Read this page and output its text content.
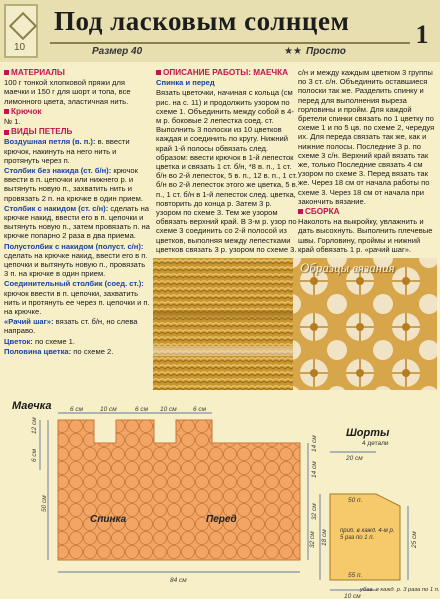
10
Под ласковым солнцем
Размер 40	★★ Просто
1

МАТЕРИАЛЫ

100 г тонкой хлопковой пряжи для маечки и 150 г для шорт и топа, все лимонного цвета, эластичная нить.

Крючок

№ 1.

ВИДЫ ПЕТЕЛЬ

Воздушная петля (в. п.): в. ввести крючок, накинуть на него нить и протянуть через п.

Столбик без накида (ст. б/н): крючок ввести в п. цепочки или нижнего р. и вытянуть новую п., захватить нить и провязать 2 п. на крючке в один прием.

Столбик с накидом (ст. с/н): сделать на крючке накид, ввести его в п. цепочки и вытянуть новую п., затем провязать п. на крючке попарно 2 раза в два приема.

Полустолбик с накидом (полуст. с/н): сделать на крючке накид, ввести его в п. цепочки и вытянуть новую п., провязать 3 п. на крючке в один прием.

Соединительный столбик (соед. ст.): крючок ввести в п. цепочки, захватить нить и протянуть ее через п. цепочки и п. на крючке.

«Рачий шаг»: вязать ст. б/н, но слева направо.

Цветок: по схеме 1.

Половина цветка: по схеме 2.

ОПИСАНИЕ РАБОТЫ: МАЕЧКА

Спинка и перед

Вязать цветочки, начиная с кольца (см рис. на с. 11) и продолжить узором по схеме 1. Объединить между собой в 4-м р. боковые 2 лепестка соед. ст. Выполнить 3 полоски из 10 цветков каждая и соединить по кругу. Нижний край 1-й полосы обвязать след. образом: ввести крючок в 1-й лепесток цветка и связать 1 ст. б/н, *8 в. п., 1 ст. б/н во 2-й лепесток, 5 в. п., 12 в. п., 1 ст. б/н во 2-й лепесток этого же цветка, 5 в. п., 1 ст. б/н в 1-й лепесток след. цветка, повторить до конца р. Затем 3 р. узором по схеме 3. Тем же узором обвязать верхний край. В 3-м р. узор по схеме 3 соединить со 2-й полосой из цветков, выполняя между лепестками цветков связать 3 р. узором по схеме 3.

с/н и между каждым цветком 3 группы по 3 ст. с/н. Объединить оставшиеся полоски так же. Разделить спинку и перед для выполнения выреза горловины и пройм. Для каждой бретели спинки связать по 1 цветку по схеме 1 и по 5 цв. по схеме 2, чередуя их. Для переда связать так же, как и нижние полосы. Последние 3 р. по схеме 3 с/н. Верхний край вязать так же, только Последние связать 4 см узором по схеме 3. Перед вязать так же. Через 18 см от начала работы по схеме 3. Через 18 см от начала при закончить вязание.

СБОРКА

Наколоть на выкройку, увлажнить и дать высохнуть. Выполнить плечевые швы. Горловину, проймы и нижний край обвязать 1 р. «рачий шаг».

Образцы вязания
Маечка
Спинка	Перед
6 см	10 см	6 см 10 см	6 см
12 см
6 см
50 см
14 см
32 см
84 см
Шорты
4 детали
20 см
50 п.
14 см
32 см 18 см	25 см
55 п.
10 см
приб. в кажд. 4-м р. 5 раз по 1 п.
убав. в кажд. р. 3 раза по 1 п.
